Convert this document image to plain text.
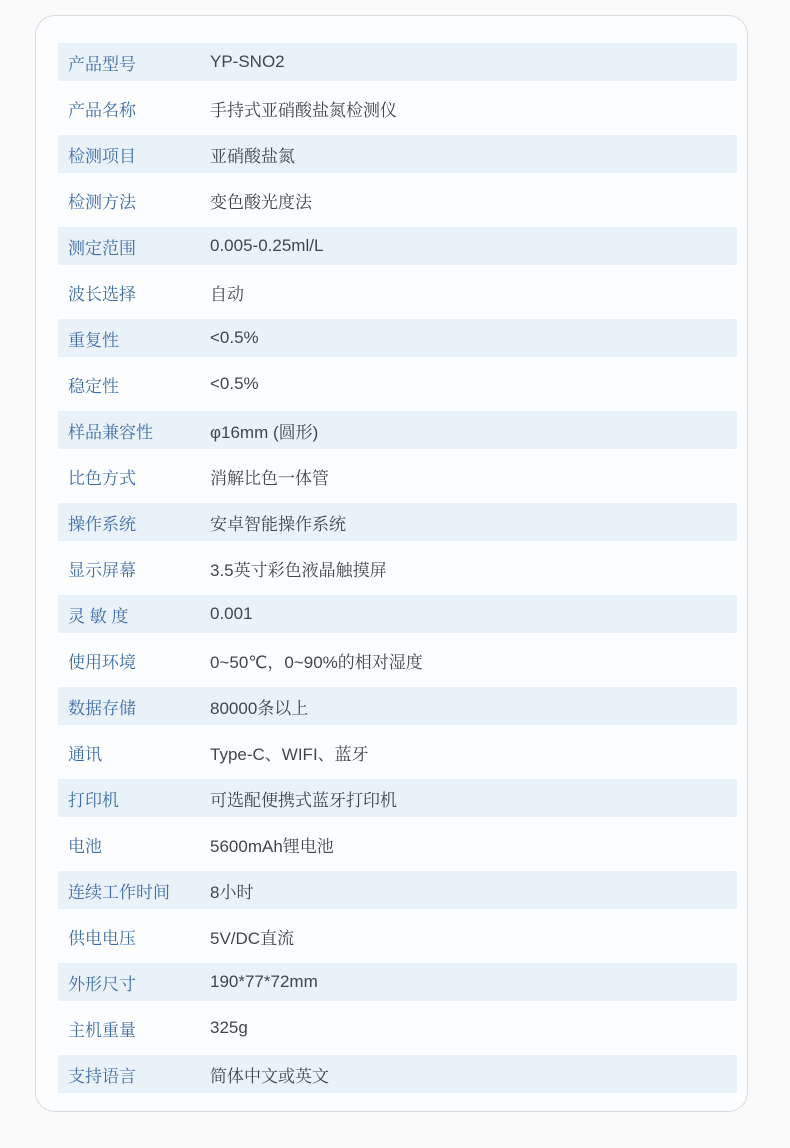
产品型号	YP-SNO2
产品名称	手持式亚硝酸盐氮检测仪
检测项目	亚硝酸盐氮
检测方法	变色酸光度法
测定范围	0.005-0.25ml/L
波长选择	自动
重复性	<0.5%
稳定性	<0.5%
样品兼容性	φ16mm (圆形)
比色方式	消解比色一体管
操作系统	安卓智能操作系统
显示屏幕	3.5英寸彩色液晶触摸屏
灵 敏 度	0.001
使用环境	0~50℃，0~90%的相对湿度
数据存储	80000条以上
通讯	Type-C、WIFI、蓝牙
打印机	可选配便携式蓝牙打印机
电池	5600mAh锂电池
连续工作时间	8小时
供电电压	5V/DC直流
外形尺寸	190*77*72mm
主机重量	325g
支持语言	简体中文或英文
